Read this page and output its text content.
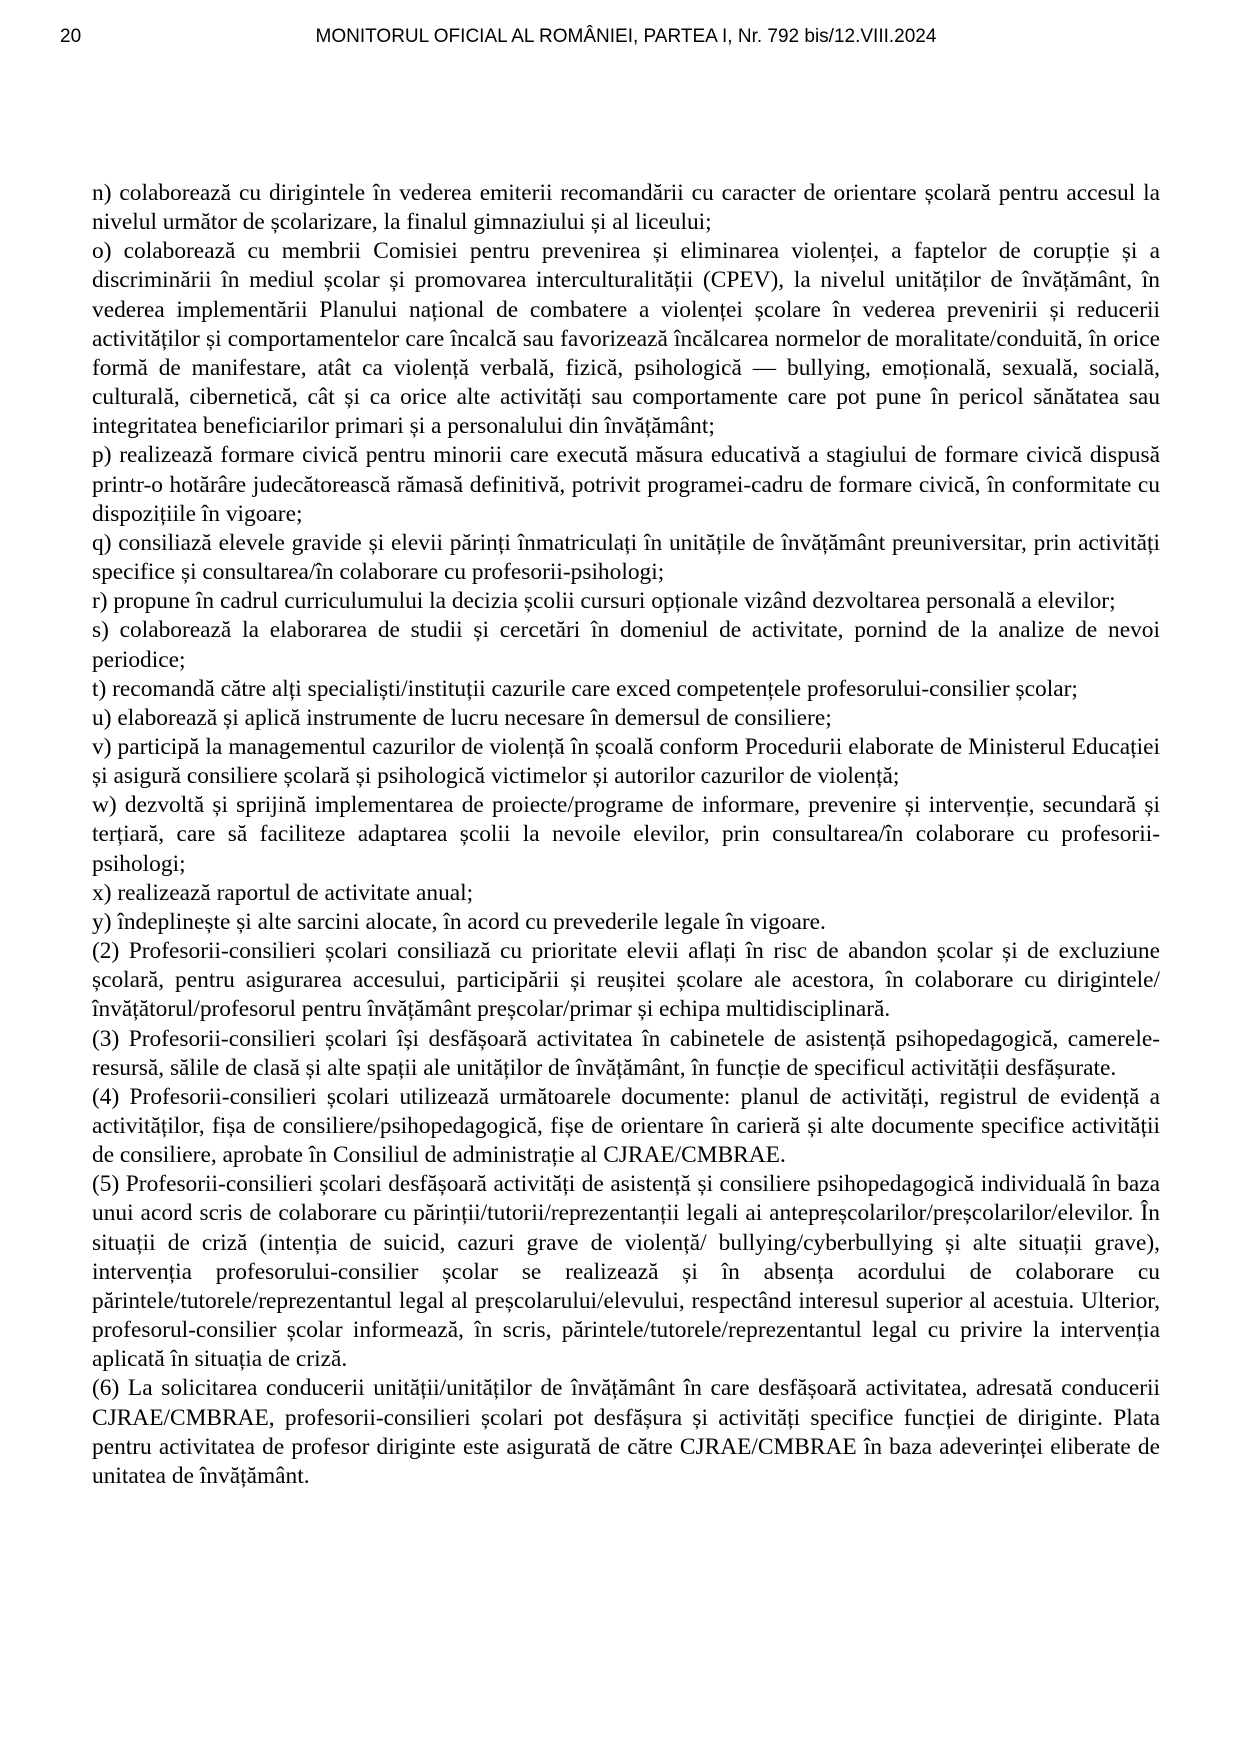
20	MONITORUL OFICIAL AL ROMÂNIEI, PARTEA I, Nr. 792 bis/12.VIII.2024

n) colaborează cu dirigintele în vederea emiterii recomandării cu caracter de orientare școlară pentru accesul la nivelul următor de școlarizare, la finalul gimnaziului și al liceului;

o) colaborează cu membrii Comisiei pentru prevenirea și eliminarea violenței, a faptelor de corupție și a discriminării în mediul școlar și promovarea interculturalității (CPEV), la nivelul unităților de învățământ, în vederea implementării Planului național de combatere a violenței școlare în vederea prevenirii și reducerii activităților și comportamentelor care încalcă sau favorizează încălcarea normelor de moralitate/conduită, în orice formă de manifestare, atât ca violență verbală, fizică, psihologică — bullying, emoțională, sexuală, socială, culturală, cibernetică, cât și ca orice alte activități sau comportamente care pot pune în pericol sănătatea sau integritatea beneficiarilor primari și a personalului din învățământ;

p) realizează formare civică pentru minorii care execută măsura educativă a stagiului de formare civică dispusă printr-o hotărâre judecătorească rămasă definitivă, potrivit programei-cadru de formare civică, în conformitate cu dispozițiile în vigoare;

q) consiliază elevele gravide și elevii părinți înmatriculați în unitățile de învățământ preuniversitar, prin activități specifice și consultarea/în colaborare cu profesorii-psihologi;

r) propune în cadrul curriculumului la decizia școlii cursuri opționale vizând dezvoltarea personală a elevilor;

s) colaborează la elaborarea de studii și cercetări în domeniul de activitate, pornind de la analize de nevoi periodice;

t) recomandă către alți specialiști/instituții cazurile care exced competențele profesorului-consilier școlar;

u) elaborează și aplică instrumente de lucru necesare în demersul de consiliere;

v) participă la managementul cazurilor de violență în școală conform Procedurii elaborate de Ministerul Educației și asigură consiliere școlară și psihologică victimelor și autorilor cazurilor de violență;

w) dezvoltă și sprijină implementarea de proiecte/programe de informare, prevenire și intervenție, secundară și terțiară, care să faciliteze adaptarea școlii la nevoile elevilor, prin consultarea/în colaborare cu profesorii-psihologi;

x) realizează raportul de activitate anual;

y) îndeplinește și alte sarcini alocate, în acord cu prevederile legale în vigoare.

(2) Profesorii-consilieri școlari consiliază cu prioritate elevii aflați în risc de abandon școlar și de excluziune școlară, pentru asigurarea accesului, participării și reușitei școlare ale acestora, în colaborare cu dirigintele/învățătorul/profesorul pentru învățământ preșcolar/primar și echipa multidisciplinară.

(3) Profesorii-consilieri școlari își desfășoară activitatea în cabinetele de asistență psihopedagogică, camerele-resursă, sălile de clasă și alte spații ale unităților de învățământ, în funcție de specificul activității desfășurate.

(4) Profesorii-consilieri școlari utilizează următoarele documente: planul de activități, registrul de evidență a activităților, fișa de consiliere/psihopedagogică, fișe de orientare în carieră și alte documente specifice activității de consiliere, aprobate în Consiliul de administrație al CJRAE/CMBRAE.

(5) Profesorii-consilieri școlari desfășoară activități de asistență și consiliere psihopedagogică individuală în baza unui acord scris de colaborare cu părinții/tutorii/reprezentanții legali ai antepreșcolarilor/preșcolarilor/elevilor. În situații de criză (intenția de suicid, cazuri grave de violență/ bullying/cyberbullying și alte situații grave), intervenția profesorului-consilier școlar se realizează și în absența acordului de colaborare cu părintele/tutorele/reprezentantul legal al preșcolarului/elevului, respectând interesul superior al acestuia. Ulterior, profesorul-consilier școlar informează, în scris, părintele/tutorele/reprezentantul legal cu privire la intervenția aplicată în situația de criză.

(6) La solicitarea conducerii unității/unităților de învățământ în care desfășoară activitatea, adresată conducerii CJRAE/CMBRAE, profesorii-consilieri școlari pot desfășura și activități specifice funcției de diriginte. Plata pentru activitatea de profesor diriginte este asigurată de către CJRAE/CMBRAE în baza adeverinței eliberate de unitatea de învățământ.
